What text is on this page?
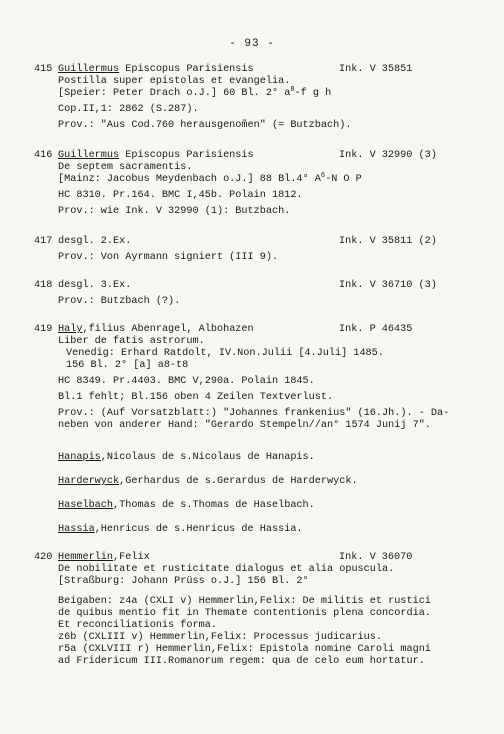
- 93 -
415 Guillermus Episcopus Parisiensis	Ink. V 35851
Postilla super epistolas et evangelia.
[Speier: Peter Drach o.J.] 60 Bl. 2° $a^8-f$ g h
Cop.II,1: 2862 (S.287).
Prov.: "Aus Cod.760 herausgenom̃en" (= Butzbach).
416 Guillermus Episcopus Parisiensis	Ink. V 32990 (3)
De septem sacramentis.
[Mainz: Jacobus Meydenbach o.J.] 88 Bl.4° $A^6-N$ O P
HC 8310. Pr.164. BMC I,45b. Polain 1812.
Prov.: wie Ink. V 32990 (1): Butzbach.
417 desgl. 2.Ex.	Ink. V 35811 (2)
Prov.: Von Ayrmann signiert (III 9).
418 desgl. 3.Ex.	Ink. V 36710 (3)
Prov.: Butzbach (?).
419 Haly,filius Abenragel, Albohazen	Ink. P 46435
Liber de fatis astrorum.
Venedig: Erhard Ratdolt, IV.Non.Julii [4.Juli] 1485.
156 Bl. 2° [a] a8-t8
HC 8349. Pr.4403. BMC V,290a. Polain 1845.
Bl.1 fehlt; Bl.156 oben 4 Zeilen Textverlust.
Prov.: (Auf Vorsatzblatt:) "Johannes frankenius" (16.Jh.). - Da-
neben von anderer Hand: "Gerardo Stempeln//an° 1574 Junij 7".
Hanapis,Nicolaus de s.Nicolaus de Hanapis.
Harderwyck,Gerhardus de s.Gerardus de Harderwyck.
Haselbach,Thomas de s.Thomas de Haselbach.
Hassia,Henricus de s.Henricus de Hassia.
420 Hemmerlin,Felix	Ink. V 36070
De nobilitate et rusticitate dialogus et alia opuscula.
[Straßburg: Johann Prüss o.J.] 156 Bl. 2°
Beigaben: z4a (CXLI v) Hemmerlin,Felix: De militis et rustici
de quibus mentio fit in Themate contentionis plena concordia.
Et reconciliationis forma.
z6b (CXLIII v) Hemmerlin,Felix: Processus judicarius.
r5a (CXLVIII r) Hemmerlin,Felix: Epistola nomine Caroli magni
ad Fridericum III.Romanorum regem: qua de celo eum hortatur.
